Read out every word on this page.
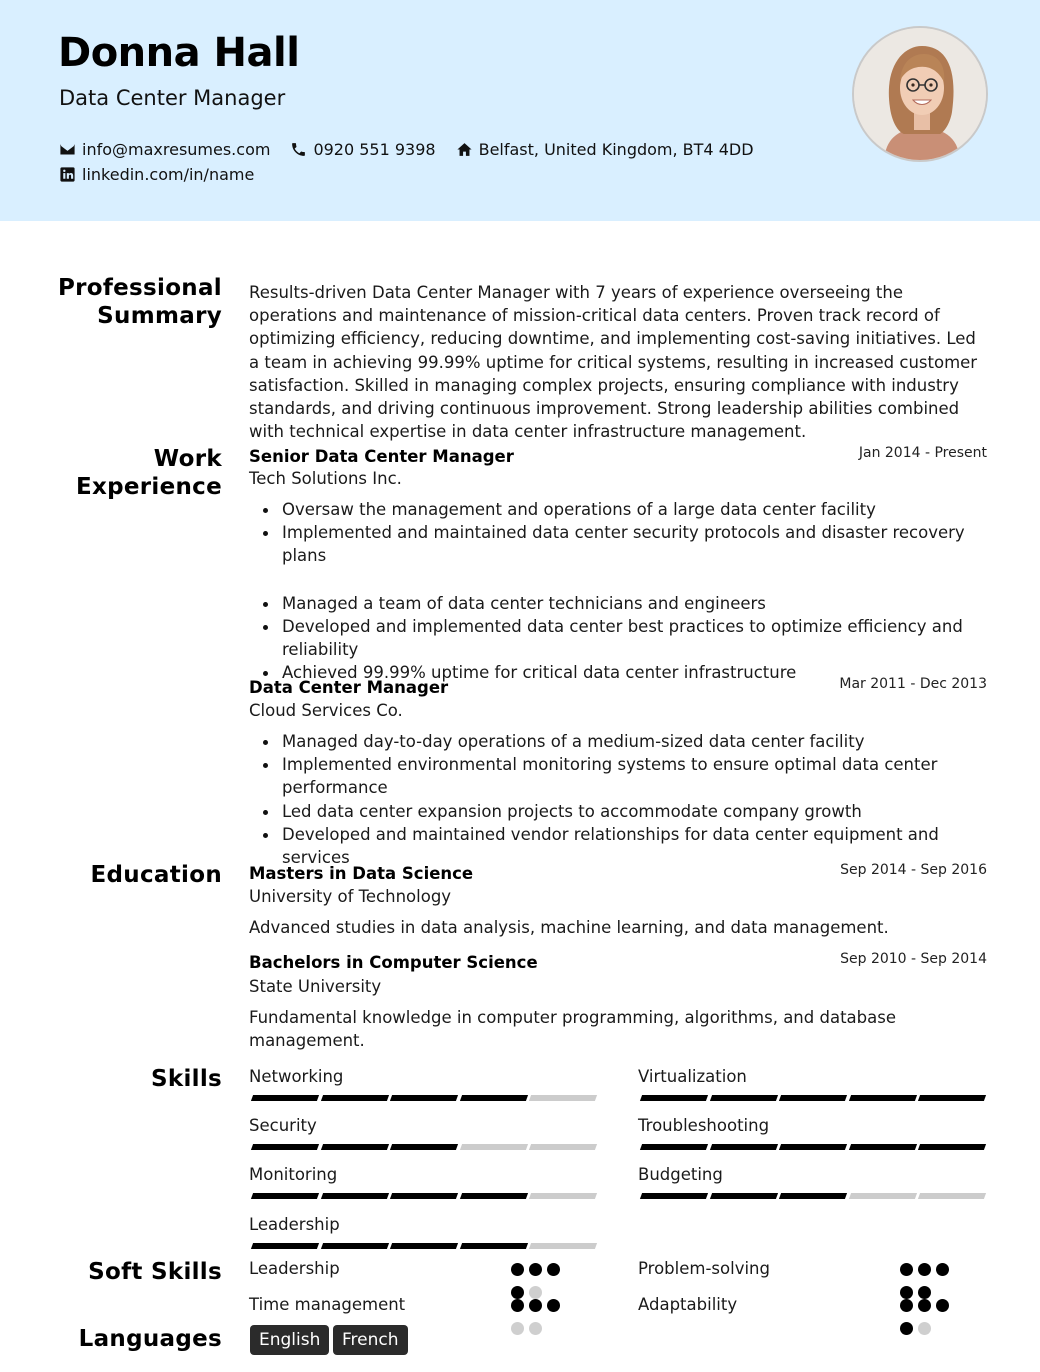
Donna Hall
Data Center Manager
info@maxresumes.com	0920 551 9398	Belfast, United Kingdom, BT4 4DD
linkedin.com/in/name
Professional
Summary
Results-driven Data Center Manager with 7 years of experience overseeing the operations and maintenance of mission-critical data centers. Proven track record of optimizing efficiency, reducing downtime, and implementing cost-saving initiatives. Led a team in achieving 99.99% uptime for critical systems, resulting in increased customer satisfaction. Skilled in managing complex projects, ensuring compliance with industry standards, and driving continuous improvement. Strong leadership abilities combined with technical expertise in data center infrastructure management.
Work
Experience
Senior Data Center Manager	Jan 2014 - Present
Tech Solutions Inc.
Oversaw the management and operations of a large data center facility
Implemented and maintained data center security protocols and disaster recovery plans
Managed a team of data center technicians and engineers
Developed and implemented data center best practices to optimize efficiency and reliability
Achieved 99.99% uptime for critical data center infrastructure
Data Center Manager	Mar 2011 - Dec 2013
Cloud Services Co.
Managed day-to-day operations of a medium-sized data center facility
Implemented environmental monitoring systems to ensure optimal data center performance
Led data center expansion projects to accommodate company growth
Developed and maintained vendor relationships for data center equipment and services
Education Masters in Data Science	Sep 2014 - Sep 2016
University of Technology
Advanced studies in data analysis, machine learning, and data management.
Bachelors in Computer Science	Sep 2010 - Sep 2014
State University
Fundamental knowledge in computer programming, algorithms, and database management.
Skills Networking	Virtualization
Security	Troubleshooting
Monitoring	Budgeting
Leadership
Soft Skills Leadership	Problem-solving
Time management	Adaptability
Languages	English	French
